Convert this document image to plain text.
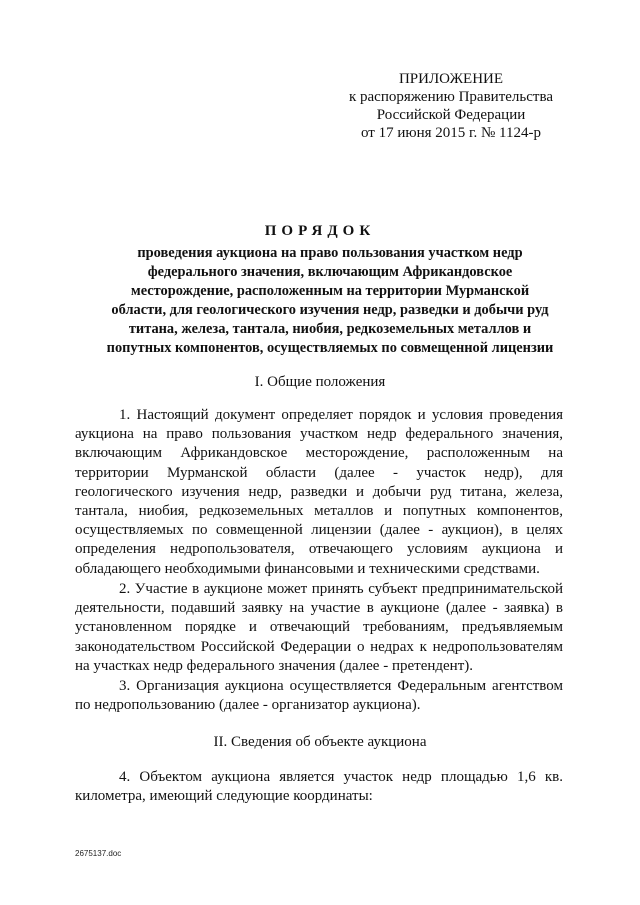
ПРИЛОЖЕНИЕ
к распоряжению Правительства
Российской Федерации
от 17 июня 2015 г. № 1124-р
ПОРЯДОК
проведения аукциона на право пользования участком недр
федерального значения, включающим Африкандовское
месторождение, расположенным на территории Мурманской
области, для геологического изучения недр, разведки и добычи руд
титана, железа, тантала, ниобия, редкоземельных металлов и
попутных компонентов, осуществляемых по совмещенной лицензии
I. Общие положения
1. Настоящий документ определяет порядок и условия проведения
аукциона на право пользования участком недр федерального значения,
включающим Африкандовское месторождение, расположенным на
территории Мурманской области (далее - участок недр), для
геологического изучения недр, разведки и добычи руд титана, железа,
тантала, ниобия, редкоземельных металлов и попутных компонентов,
осуществляемых по совмещенной лицензии (далее - аукцион), в целях
определения недропользователя, отвечающего условиям аукциона и
обладающего необходимыми финансовыми и техническими средствами.
2. Участие в аукционе может принять субъект предпринимательской
деятельности, подавший заявку на участие в аукционе (далее - заявка) в
установленном порядке и отвечающий требованиям, предъявляемым
законодательством Российской Федерации о недрах к недропользователям
на участках недр федерального значения (далее - претендент).
3. Организация аукциона осуществляется Федеральным агентством
по недропользованию (далее - организатор аукциона).
II. Сведения об объекте аукциона
4. Объектом аукциона является участок недр площадью 1,6 кв.
километра, имеющий следующие координаты:
2675137.doc
